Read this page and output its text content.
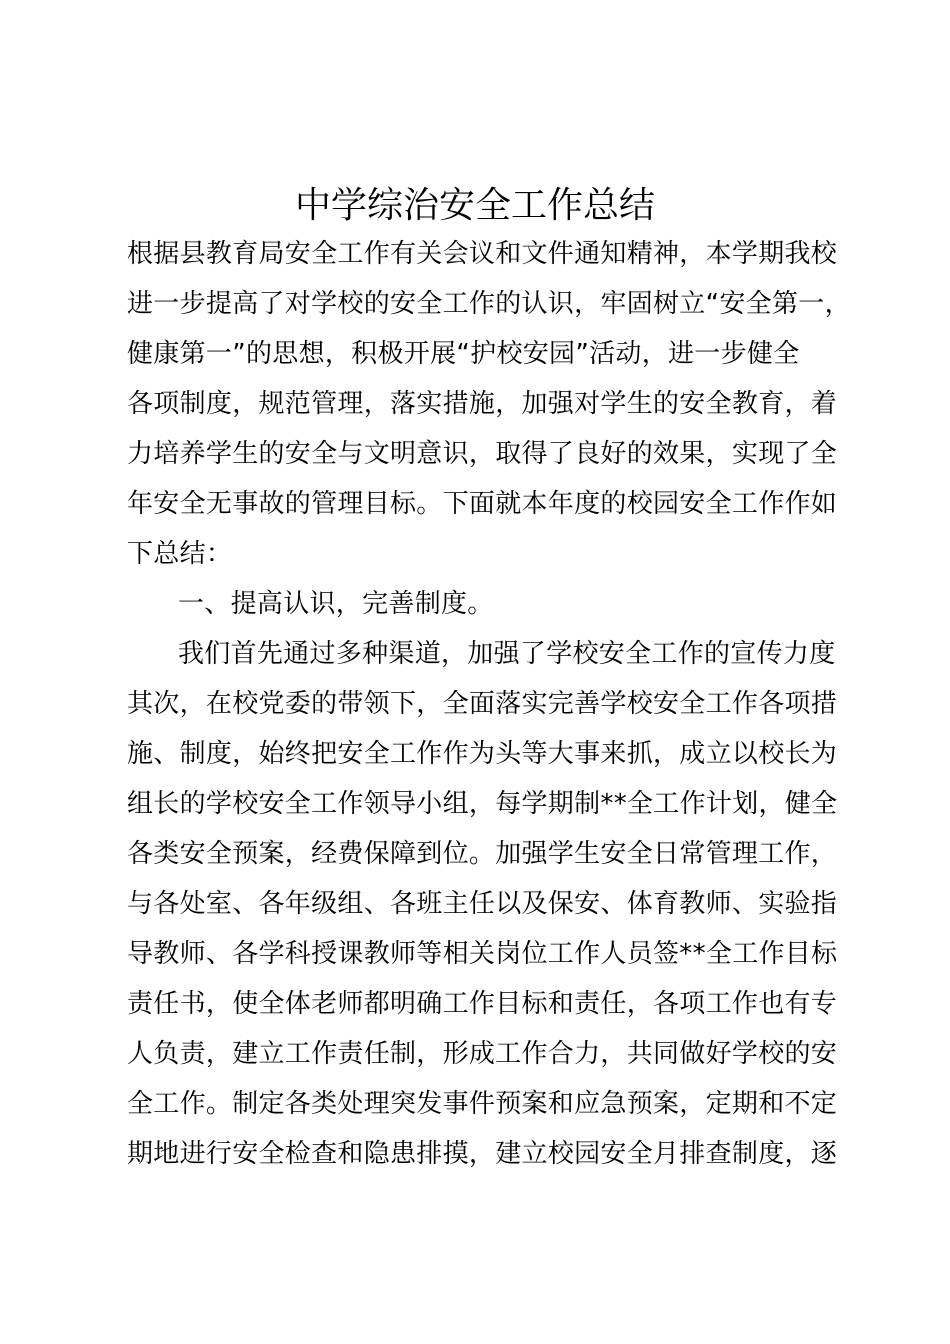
中学综治安全工作总结
根据县教育局安全工作有关会议和文件通知精神，本学期我校
进一步提高了对学校的安全工作的认识，牢固树立“安全第一，
健康第一”的思想，积极开展“护校安园”活动，进一步健全
各项制度，规范管理，落实措施，加强对学生的安全教育，着
力培养学生的安全与文明意识，取得了良好的效果，实现了全
年安全无事故的管理目标。下面就本年度的校园安全工作作如
下总结：
一、提高认识，完善制度。
我们首先通过多种渠道，加强了学校安全工作的宣传力度
其次，在校党委的带领下，全面落实完善学校安全工作各项措
施、制度，始终把安全工作作为头等大事来抓，成立以校长为
组长的学校安全工作领导小组，每学期制**全工作计划，健全
各类安全预案，经费保障到位。加强学生安全日常管理工作，
与各处室、各年级组、各班主任以及保安、体育教师、实验指
导教师、各学科授课教师等相关岗位工作人员签**全工作目标
责任书，使全体老师都明确工作目标和责任，各项工作也有专
人负责，建立工作责任制，形成工作合力，共同做好学校的安
全工作。制定各类处理突发事件预案和应急预案，定期和不定
期地进行安全检查和隐患排摸，建立校园安全月排查制度，逐
